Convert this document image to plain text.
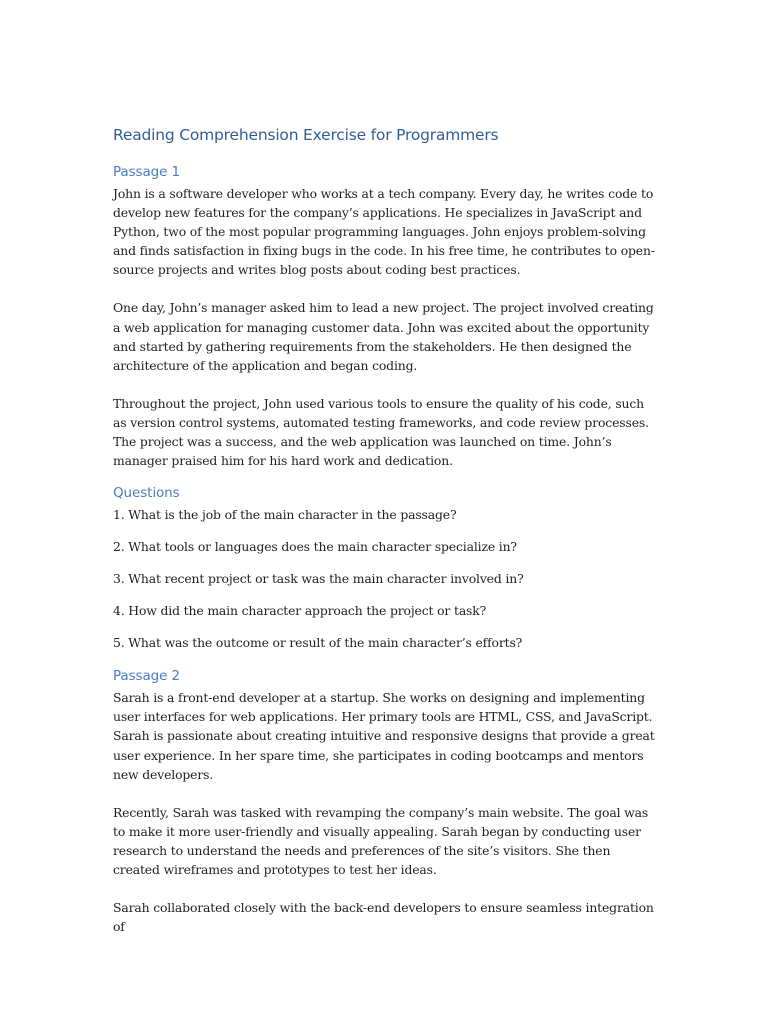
Reading Comprehension Exercise for Programmers
Passage 1

John is a software developer who works at a tech company. Every day, he writes code to develop new features for the company’s applications. He specializes in JavaScript and Python, two of the most popular programming languages. John enjoys problem-solving and finds satisfaction in fixing bugs in the code. In his free time, he contributes to open-source projects and writes blog posts about coding best practices.

One day, John’s manager asked him to lead a new project. The project involved creating a web application for managing customer data. John was excited about the opportunity and started by gathering requirements from the stakeholders. He then designed the architecture of the application and began coding.

Throughout the project, John used various tools to ensure the quality of his code, such as version control systems, automated testing frameworks, and code review processes. The project was a success, and the web application was launched on time. John’s manager praised him for his hard work and dedication.

Questions

1. What is the job of the main character in the passage?

2. What tools or languages does the main character specialize in?

3. What recent project or task was the main character involved in?

4. How did the main character approach the project or task?

5. What was the outcome or result of the main character’s efforts?

Passage 2

Sarah is a front-end developer at a startup. She works on designing and implementing user interfaces for web applications. Her primary tools are HTML, CSS, and JavaScript. Sarah is passionate about creating intuitive and responsive designs that provide a great user experience. In her spare time, she participates in coding bootcamps and mentors new developers.

Recently, Sarah was tasked with revamping the company’s main website. The goal was to make it more user-friendly and visually appealing. Sarah began by conducting user research to understand the needs and preferences of the site’s visitors. She then created wireframes and prototypes to test her ideas.

Sarah collaborated closely with the back-end developers to ensure seamless integration of
